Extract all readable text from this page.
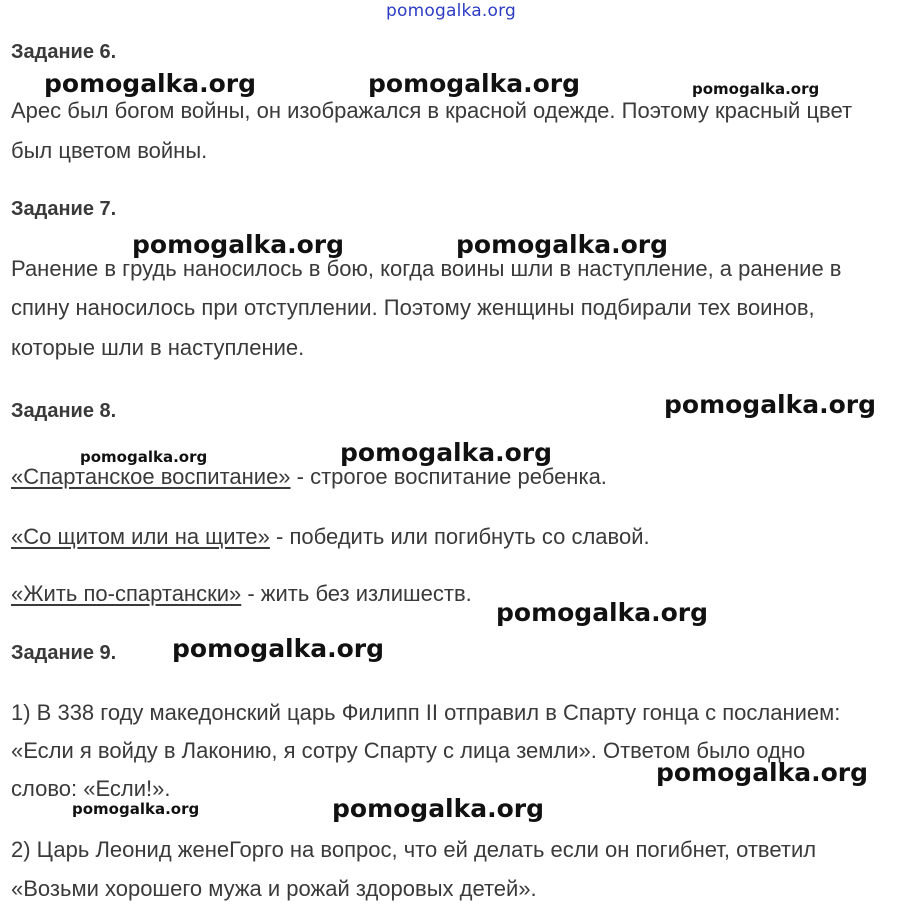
pomogalka.org
Задание 6.
Арес был богом войны, он изображался в красной одежде. Поэтому красный цвет
был цветом войны.
Задание 7.
Ранение в грудь наносилось в бою, когда воины шли в наступление, а ранение в
спину наносилось при отступлении. Поэтому женщины подбирали тех воинов,
которые шли в наступление.
Задание 8.
«Спартанское воспитание» - строгое воспитание ребенка.
«Со щитом или на щите» - победить или погибнуть со славой.
«Жить по-спартански» - жить без излишеств.
Задание 9.
1) В 338 году македонский царь Филипп II отправил в Спарту гонца с посланием:
«Если я войду в Лаконию, я сотру Спарту с лица земли». Ответом было одно
слово: «Если!».
2) Царь Леонид женеГорго на вопрос, что ей делать если он погибнет, ответил
«Возьми хорошего мужа и рожай здоровых детей».
pomogalka.org	pomogalka.org	pomogalka.org
pomogalka.org	pomogalka.org
pomogalka.org
pomogalka.org	pomogalka.org
pomogalka.org
pomogalka.org
pomogalka.org
pomogalka.org	pomogalka.org
